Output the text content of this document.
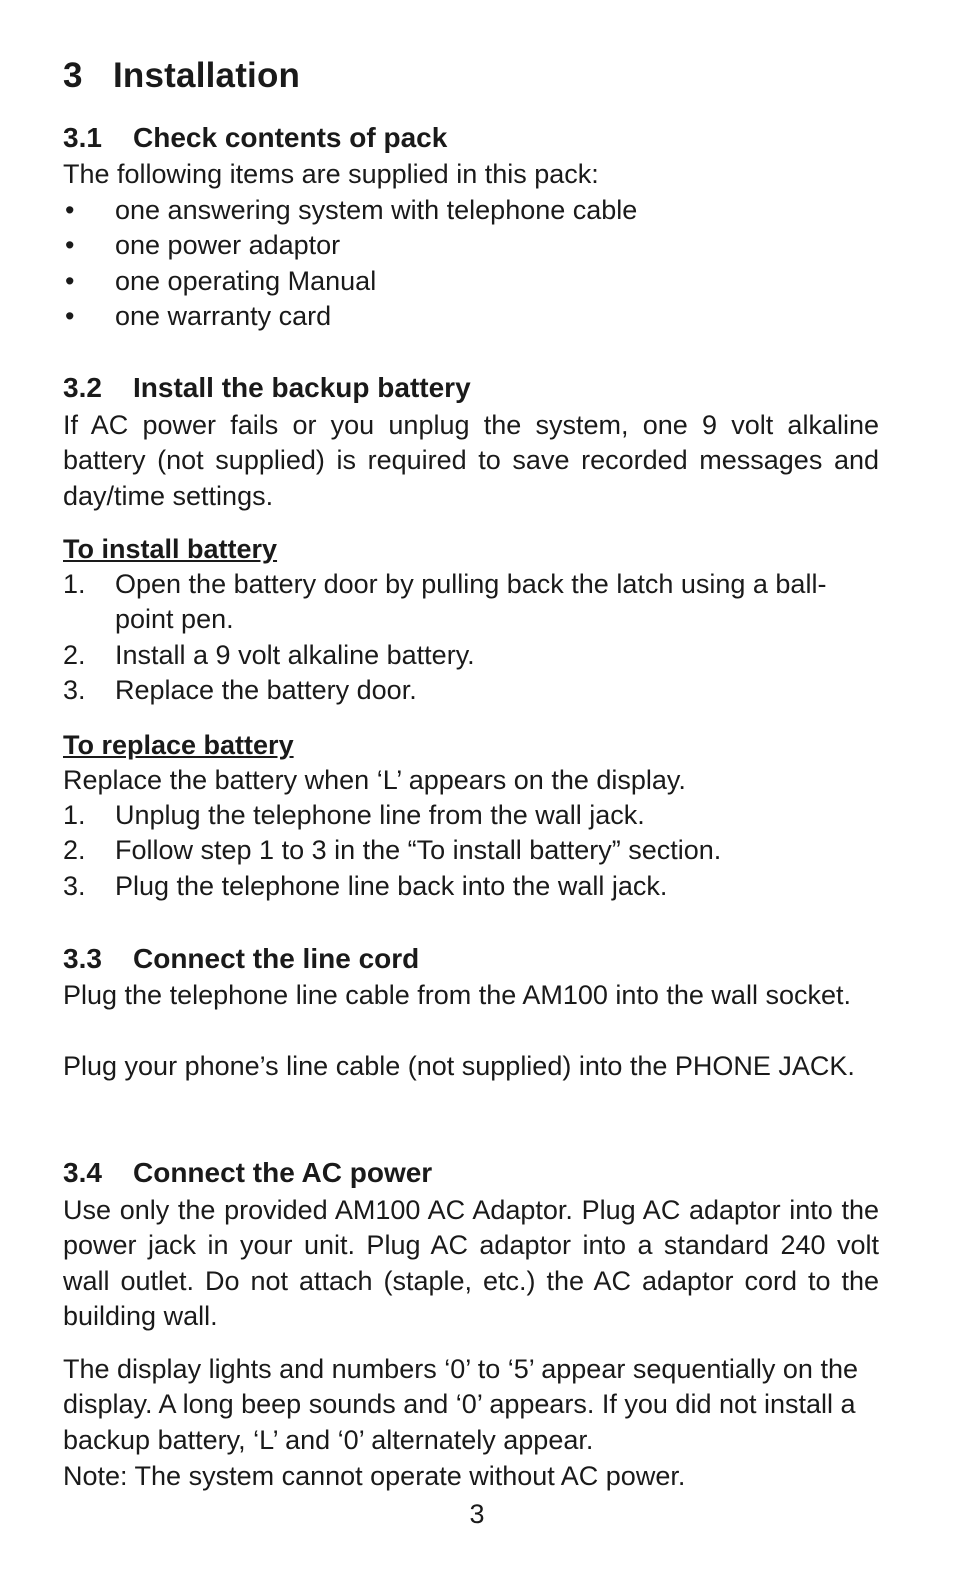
3 Installation
3.1 Check contents of pack

The following items are supplied in this pack:

• one answering system with telephone cable
• one power adaptor
• one operating Manual
• one warranty card
3.2 Install the backup battery

If AC power fails or you unplug the system, one 9 volt alkaline battery (not supplied) is required to save recorded messages and day/time settings.

To install battery

1. Open the battery door by pulling back the latch using a ball-point pen.
2. Install a 9 volt alkaline battery.
3. Replace the battery door.

To replace battery

Replace the battery when ‘L’ appears on the display.

1. Unplug the telephone line from the wall jack.
2. Follow step 1 to 3 in the “To install battery” section.
3. Plug the telephone line back into the wall jack.
3.3 Connect the line cord

Plug the telephone line cable from the AM100 into the wall socket.

Plug your phone’s line cable (not supplied) into the PHONE JACK.

3.4 Connect the AC power

Use only the provided AM100 AC Adaptor. Plug AC adaptor into the power jack in your unit. Plug AC adaptor into a standard 240 volt wall outlet. Do not attach (staple, etc.) the AC adaptor cord to the building wall.

The display lights and numbers ‘0’ to ‘5’ appear sequentially on the display. A long beep sounds and ‘0’ appears. If you did not install a backup battery, ‘L’ and ‘0’ alternately appear.

Note: The system cannot operate without AC power.

3
